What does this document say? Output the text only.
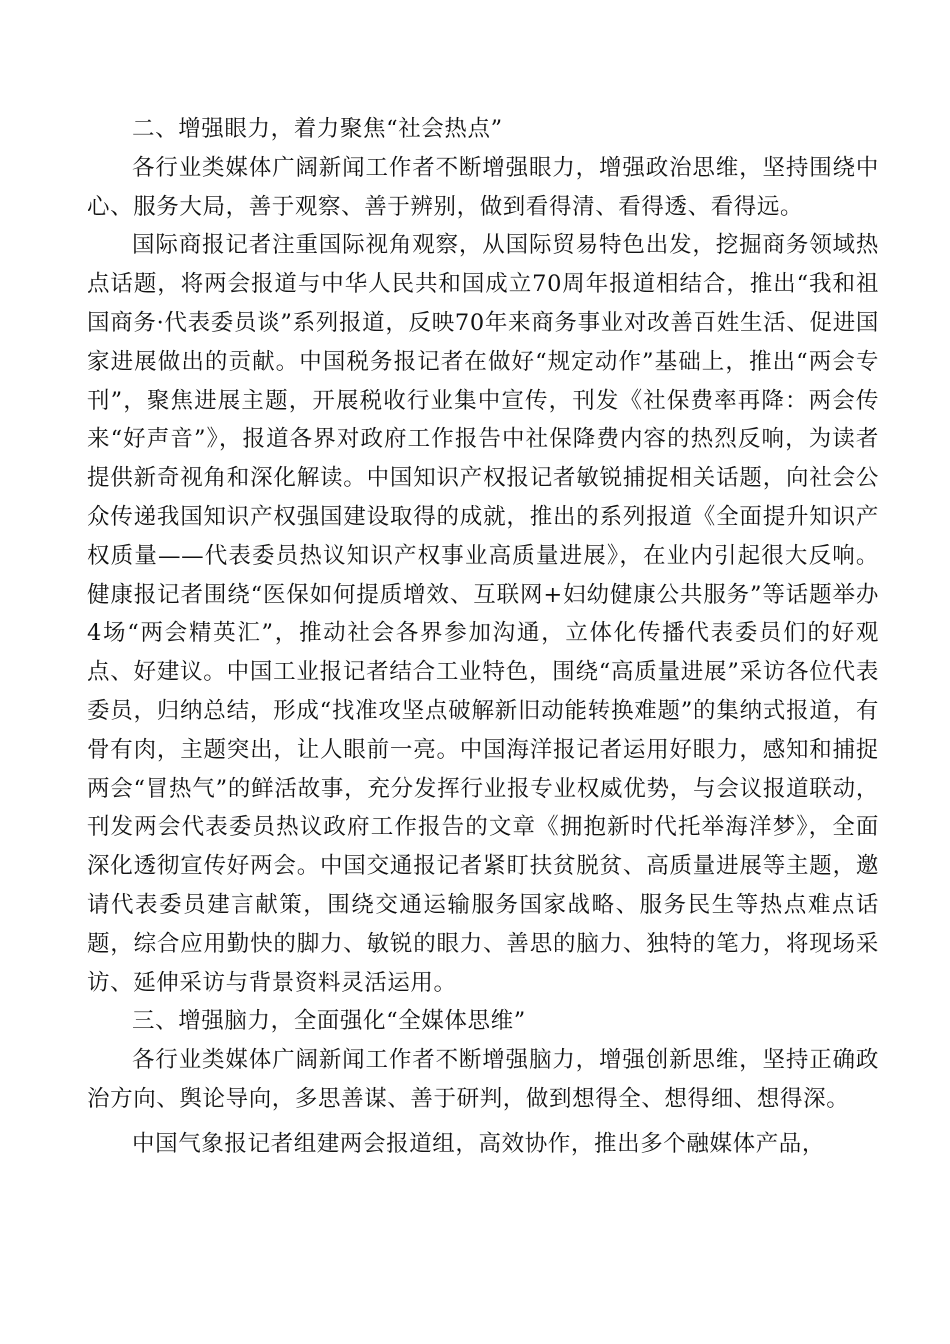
二、增强眼力，着力聚焦“社会热点”

各行业类媒体广阔新闻工作者不断增强眼力，增强政治思维，坚持围绕中心、服务大局，善于观察、善于辨别，做到看得清、看得透、看得远。

国际商报记者注重国际视角观察，从国际贸易特色出发，挖掘商务领域热点话题，将两会报道与中华人民共和国成立70周年报道相结合，推出“我和祖国商务·代表委员谈”系列报道，反映70年来商务事业对改善百姓生活、促进国家进展做出的贡献。中国税务报记者在做好“规定动作”基础上，推出“两会专刊”，聚焦进展主题，开展税收行业集中宣传，刊发《社保费率再降：两会传来“好声音”》，报道各界对政府工作报告中社保降费内容的热烈反响，为读者提供新奇视角和深化解读。中国知识产权报记者敏锐捕捉相关话题，向社会公众传递我国知识产权强国建设取得的成就，推出的系列报道《全面提升知识产权质量——代表委员热议知识产权事业高质量进展》，在业内引起很大反响。健康报记者围绕“医保如何提质增效、互联网+妇幼健康公共服务”等话题举办4场“两会精英汇”，推动社会各界参加沟通，立体化传播代表委员们的好观点、好建议。中国工业报记者结合工业特色，围绕“高质量进展”采访各位代表委员，归纳总结，形成“找准攻坚点破解新旧动能转换难题”的集纳式报道，有骨有肉，主题突出，让人眼前一亮。中国海洋报记者运用好眼力，感知和捕捉两会“冒热气”的鲜活故事，充分发挥行业报专业权威优势，与会议报道联动，刊发两会代表委员热议政府工作报告的文章《拥抱新时代托举海洋梦》，全面深化透彻宣传好两会。中国交通报记者紧盯扶贫脱贫、高质量进展等主题，邀请代表委员建言献策，围绕交通运输服务国家战略、服务民生等热点难点话题，综合应用勤快的脚力、敏锐的眼力、善思的脑力、独特的笔力，将现场采访、延伸采访与背景资料灵活运用。

三、增强脑力，全面强化“全媒体思维”

各行业类媒体广阔新闻工作者不断增强脑力，增强创新思维，坚持正确政治方向、舆论导向，多思善谋、善于研判，做到想得全、想得细、想得深。

中国气象报记者组建两会报道组，高效协作，推出多个融媒体产品，
